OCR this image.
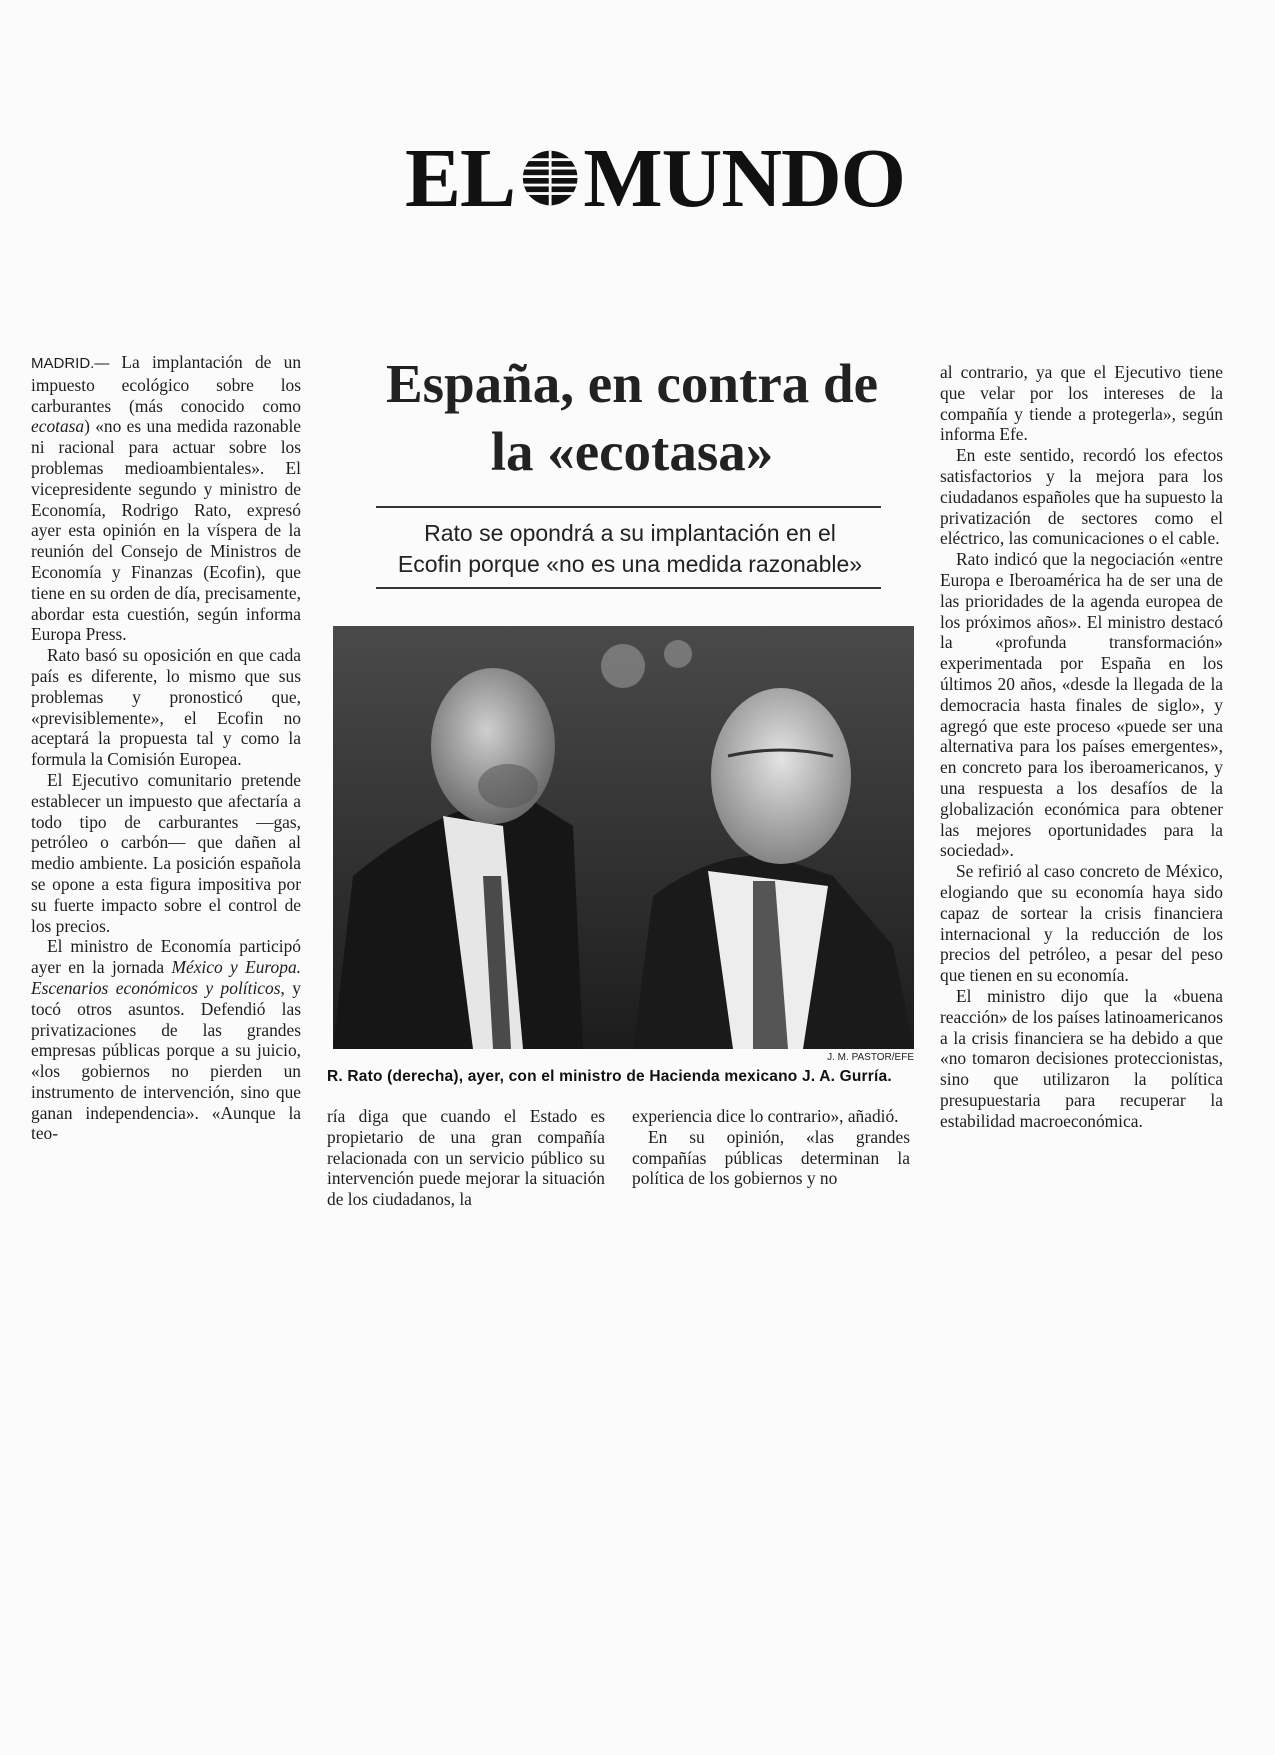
EL MUNDO

MADRID.— La implantación de un impuesto ecológico sobre los carburantes (más conocido como ecotasa) «no es una medida razonable ni racional para actuar sobre los problemas medioambientales». El vicepresidente segundo y ministro de Economía, Rodrigo Rato, expresó ayer esta opinión en la víspera de la reunión del Consejo de Ministros de Economía y Finanzas (Ecofin), que tiene en su orden de día, precisamente, abordar esta cuestión, según informa Europa Press.

Rato basó su oposición en que cada país es diferente, lo mismo que sus problemas y pronosticó que, «previsiblemente», el Ecofin no aceptará la propuesta tal y como la formula la Comisión Europea.

El Ejecutivo comunitario pretende establecer un impuesto que afectaría a todo tipo de carburantes —gas, petróleo o carbón— que dañen al medio ambiente. La posición española se opone a esta figura impositiva por su fuerte impacto sobre el control de los precios.

El ministro de Economía participó ayer en la jornada México y Europa. Escenarios económicos y políticos, y tocó otros asuntos. Defendió las privatizaciones de las grandes empresas públicas porque a su juicio, «los gobiernos no pierden un instrumento de intervención, sino que ganan independencia». «Aunque la teo-

España, en contra de
la «ecotasa»
Rato se opondrá a su implantación en el
Ecofin porque «no es una medida razonable»
J. M. PASTOR/EFE
R. Rato (derecha), ayer, con el ministro de Hacienda mexicano J. A. Gurría.

ría diga que cuando el Estado es propietario de una gran compañía relacionada con un servicio público su intervención puede mejorar la situación de los ciudadanos, la

experiencia dice lo contrario», añadió.

En su opinión, «las grandes compañías públicas determinan la política de los gobiernos y no

al contrario, ya que el Ejecutivo tiene que velar por los intereses de la compañía y tiende a protegerla», según informa Efe.

En este sentido, recordó los efectos satisfactorios y la mejora para los ciudadanos españoles que ha supuesto la privatización de sectores como el eléctrico, las comunicaciones o el cable.

Rato indicó que la negociación «entre Europa e Iberoamérica ha de ser una de las prioridades de la agenda europea de los próximos años». El ministro destacó la «profunda transformación» experimentada por España en los últimos 20 años, «desde la llegada de la democracia hasta finales de siglo», y agregó que este proceso «puede ser una alternativa para los países emergentes», en concreto para los iberoamericanos, y una respuesta a los desafíos de la globalización económica para obtener las mejores oportunidades para la sociedad».

Se refirió al caso concreto de México, elogiando que su economía haya sido capaz de sortear la crisis financiera internacional y la reducción de los precios del petróleo, a pesar del peso que tienen en su economía.

El ministro dijo que la «buena reacción» de los países latinoamericanos a la crisis financiera se ha debido a que «no tomaron decisiones proteccionistas, sino que utilizaron la política presupuestaria para recuperar la estabilidad macroeconómica.
